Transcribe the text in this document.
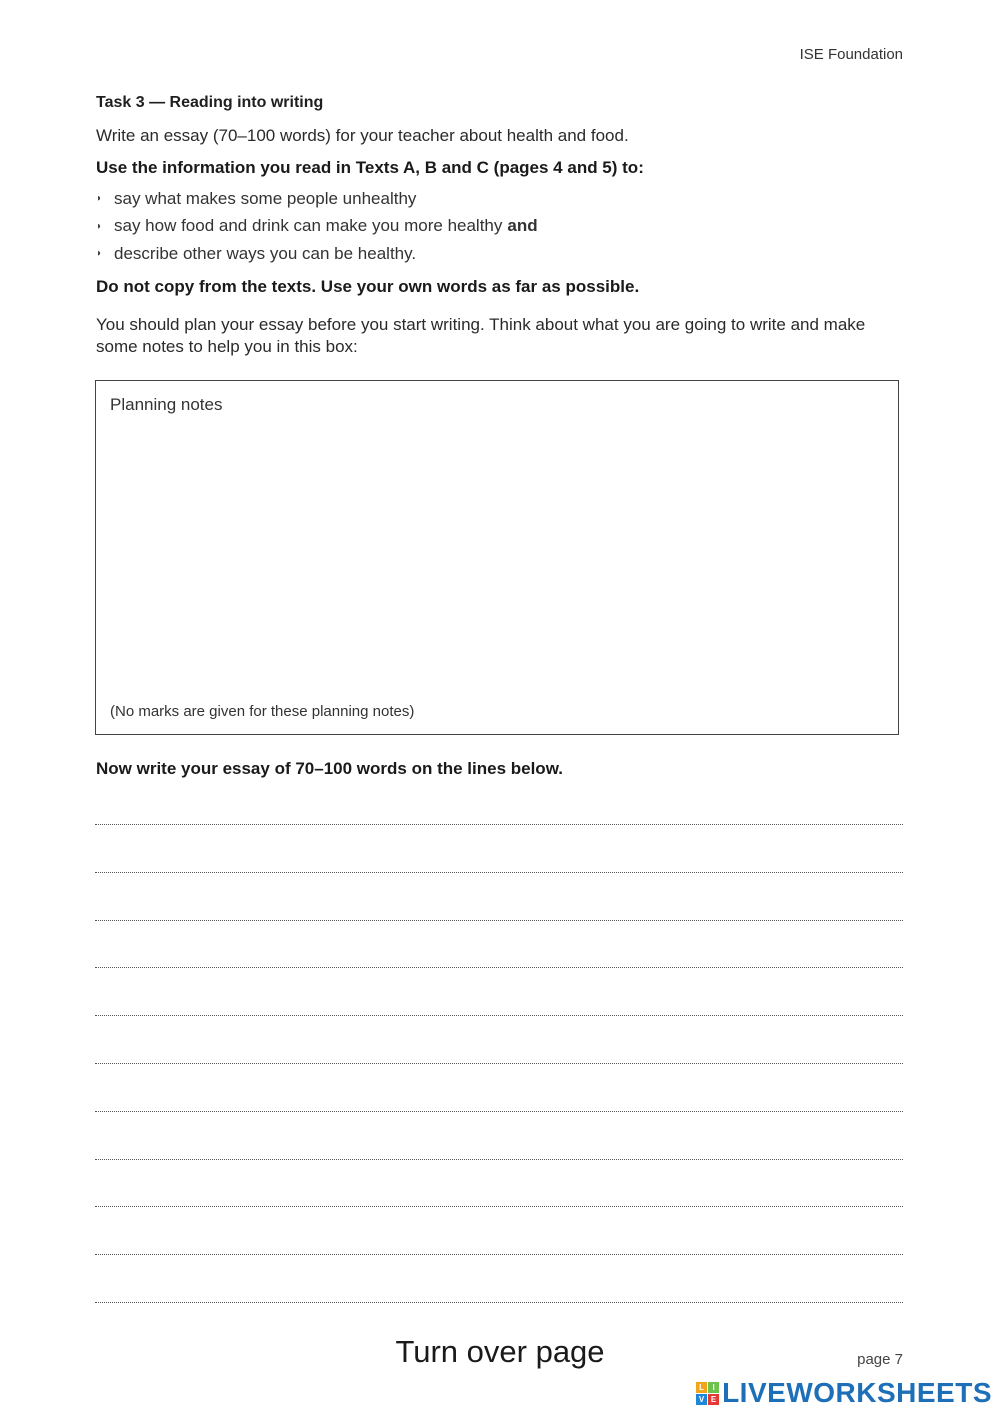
ISE Foundation
Task 3 — Reading into writing
Write an essay (70–100 words) for your teacher about health and food.
Use the information you read in Texts A, B and C (pages 4 and 5) to:
◗ say what makes some people unhealthy
◗ say how food and drink can make you more healthy and
◗ describe other ways you can be healthy.
Do not copy from the texts. Use your own words as far as possible.
You should plan your essay before you start writing. Think about what you are going to write and make some notes to help you in this box:
Planning notes
(No marks are given for these planning notes)
Now write your essay of 70–100 words on the lines below.
Turn over page	page 7
L	I
V E LIVEWORKSHEETS
